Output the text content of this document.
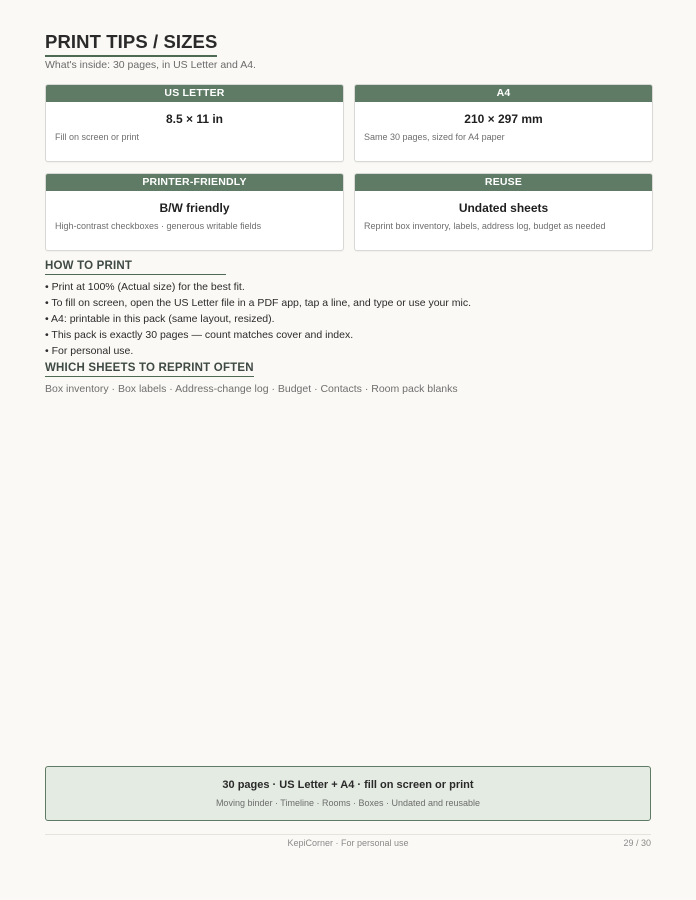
PRINT TIPS / SIZES
What's inside: 30 pages, in US Letter and A4.
US LETTER
8.5 × 11 in
Fill on screen or print
A4
210 × 297 mm
Same 30 pages, sized for A4 paper
PRINTER-FRIENDLY
B/W friendly
High-contrast checkboxes · generous writable fields
REUSE
Undated sheets
Reprint box inventory, labels, address log, budget as needed
HOW TO PRINT
• Print at 100% (Actual size) for the best fit.
• To fill on screen, open the US Letter file in a PDF app, tap a line, and type or use your mic.
• A4: printable in this pack (same layout, resized).
• This pack is exactly 30 pages — count matches cover and index.
• For personal use.
WHICH SHEETS TO REPRINT OFTEN
Box inventory · Box labels · Address-change log · Budget · Contacts · Room pack blanks
30 pages · US Letter + A4 · fill on screen or print
Moving binder · Timeline · Rooms · Boxes · Undated and reusable
KepiCorner · For personal use	29 / 30
